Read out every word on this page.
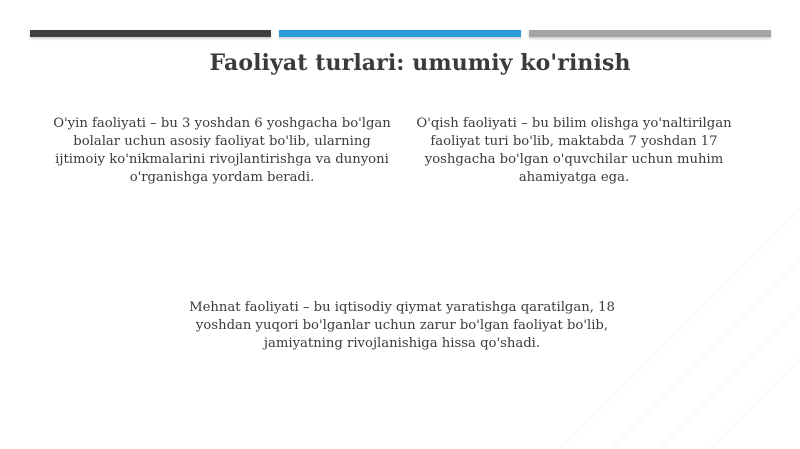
Faoliyat turlari: umumiy ko'rinish
O'yin faoliyati – bu 3 yoshdan 6 yoshgacha bo'lgan bolalar uchun asosiy faoliyat bo'lib, ularning ijtimoiy ko'nikmalarini rivojlantirishga va dunyoni o'rganishga yordam beradi.
O'qish faoliyati – bu bilim olishga yo'naltirilgan faoliyat turi bo'lib, maktabda 7 yoshdan 17 yoshgacha bo'lgan o'quvchilar uchun muhim ahamiyatga ega.
Mehnat faoliyati – bu iqtisodiy qiymat yaratishga qaratilgan, 18 yoshdan yuqori bo'lganlar uchun zarur bo'lgan faoliyat bo'lib, jamiyatning rivojlanishiga hissa qo'shadi.
